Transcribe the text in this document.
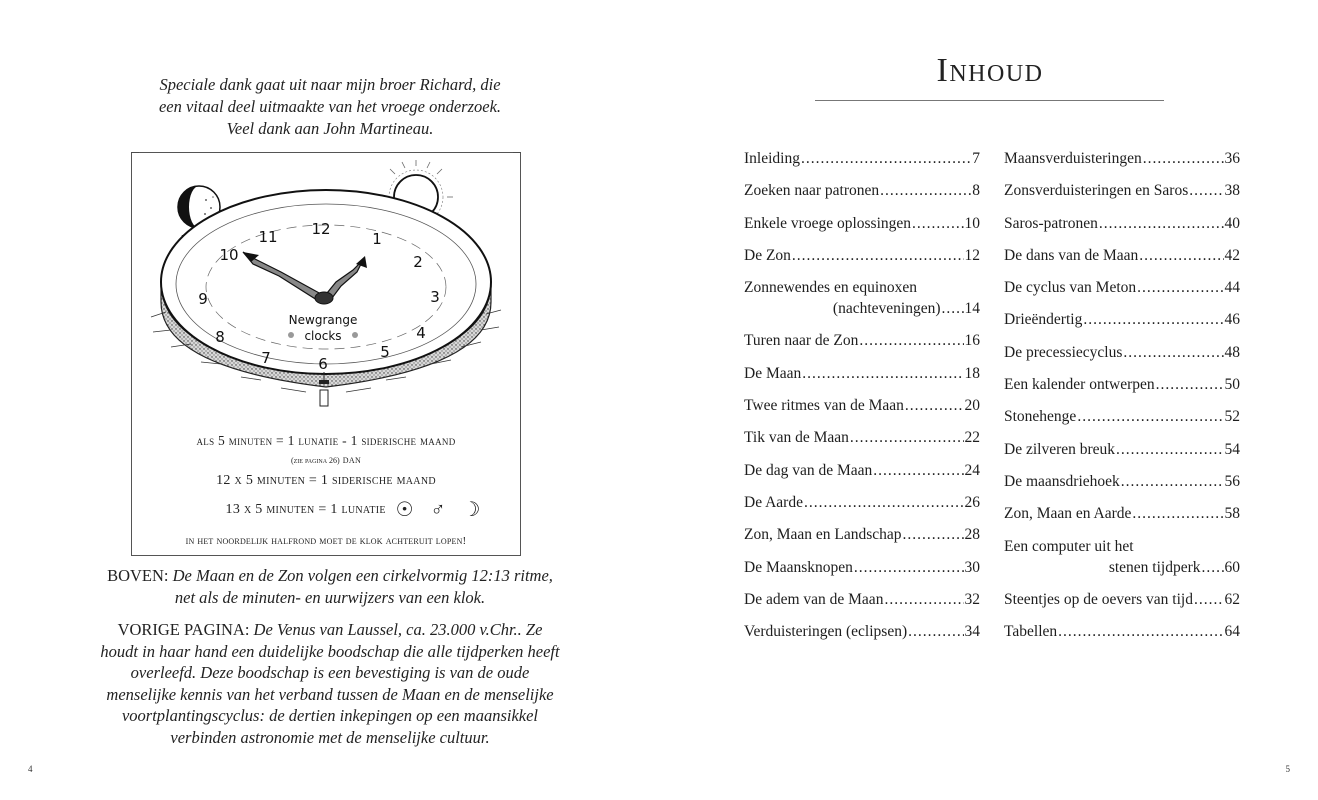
Speciale dank gaat uit naar mijn broer Richard, die
een vitaal deel uitmaakte van het vroege onderzoek.
Veel dank aan John Martineau.
12
1
2
3
4
5
6
7
8
9
10
11
Newgrange
clocks
als 5 minuten = 1 lunatie - 1 siderische maand
(zie pagina 26) dan
12 x 5 minuten = 1 siderische maand
13 x 5 minuten = 1 lunatie ☉ ♂ ☽
in het noordelijk halfrond moet de klok achteruit lopen!
BOVEN: De Maan en de Zon volgen een cirkelvormig 12:13 ritme, net als de minuten- en uurwijzers van een klok.
VORIGE PAGINA: De Venus van Laussel, ca. 23.000 v.Chr.. Ze houdt in haar hand een duidelijke boodschap die alle tijdperken heeft overleefd. Deze boodschap is een bevestiging is van de oude menselijke kennis van het verband tussen de Maan en de menselijke voortplantingscyclus: de dertien inkepingen op een maansikkel verbinden astronomie met de menselijke cultuur.
4
Inhoud
Inleiding .....	7
Zoeken naar patronen .....	8
Enkele vroege oplossingen .....	10
De Zon .....	12
Zonnewendes en equinoxen
(nachteveningen) ..... 14
Turen naar de Zon .....	16
De Maan .....	18
Twee ritmes van de Maan .....	20
Tik van de Maan .....	22
De dag van de Maan .....	24
De Aarde .....	26
Zon, Maan en Landschap .....	28
De Maansknopen .....	30
De adem van de Maan .....	32
Verduisteringen (eclipsen) .....	34
Maansverduisteringen .....	36
Zonsverduisteringen en Saros ..... 38
Saros-patronen .....	40
De dans van de Maan .....	42
De cyclus van Meton .....	44
Drieëndertig .....	46
De precessiecyclus .....	48
Een kalender ontwerpen .....	50
Stonehenge .....	52
De zilveren breuk .....	54
De maansdriehoek .....	56
Zon, Maan en Aarde .....	58
Een computer uit het
stenen tijdperk ..... 60
Steentjes op de oevers van tijd ..... 62
Tabellen .....	64
5
